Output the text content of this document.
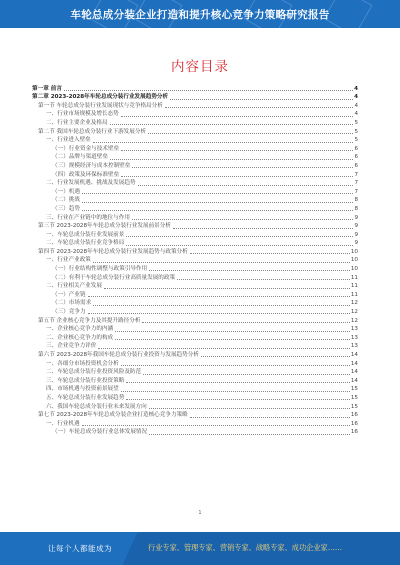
车轮总成分装企业打造和提升核心竞争力策略研究报告
内容目录
第一章 前言	4
第二章 2023-2028年车轮总成分装行业发展趋势分析	4
第一节 车轮总成分装行业发展现状与竞争格局分析	4
一、行业市场规模及增长态势	4
二、行业主要企业及格局	5
第二节 我国车轮总成分装行业下游发展分析	5
一、行业进入壁垒	5
（一）行业资金与技术壁垒	6
（二）品牌与渠道壁垒	6
（三）规模经济与成本控制壁垒	6
（四）政策及环保标准壁垒	7
二、行业发展机遇、挑战及发展趋势	7
（一）机遇	7
（二）挑战	8
（三）趋势	8
三、行业在产业链中的地位与作用	9
第三节 2023-2028年车轮总成分装行业发展前景分析	9
一、车轮总成分装行业发展前景	9
二、车轮总成分装行业竞争格局	9
第四节 2023-2028年车轮总成分装行业发展趋势与政策分析	10
一、行业产业政策	10
（一）行业结构性调整与政策引导作用	10
（二）有利于车轮总成分装行业高质量发展的政策	11
二、行业相关产业发展	11
（一）产业链	11
（二）市场需求	12
（三）竞争力	12
第五节 企业核心竞争力及其提升路径分析	12
一、企业核心竞争力的内涵	13
二、企业核心竞争力的构成	13
三、企业竞争力评价	13
第六节 2023-2028年我国车轮总成分装行业投资与发展趋势分析	14
一、各细分市场投资机会分析	14
二、车轮总成分装行业投资风险及防范	14
三、车轮总成分装行业投资策略	14
四、市场机遇与投资前景展望	15
五、车轮总成分装行业发展趋势	15
六、我国车轮总成分装行业未来发展方向	15
第七节 2023-2028年车轮总成分装企业打造核心竞争力策略	16
一、行业机遇	16
（一）车轮总成分装行业总体发展情况	16
1
让每个人都能成为	行业专家、管理专家、营销专家、战略专家、成功企业家……
